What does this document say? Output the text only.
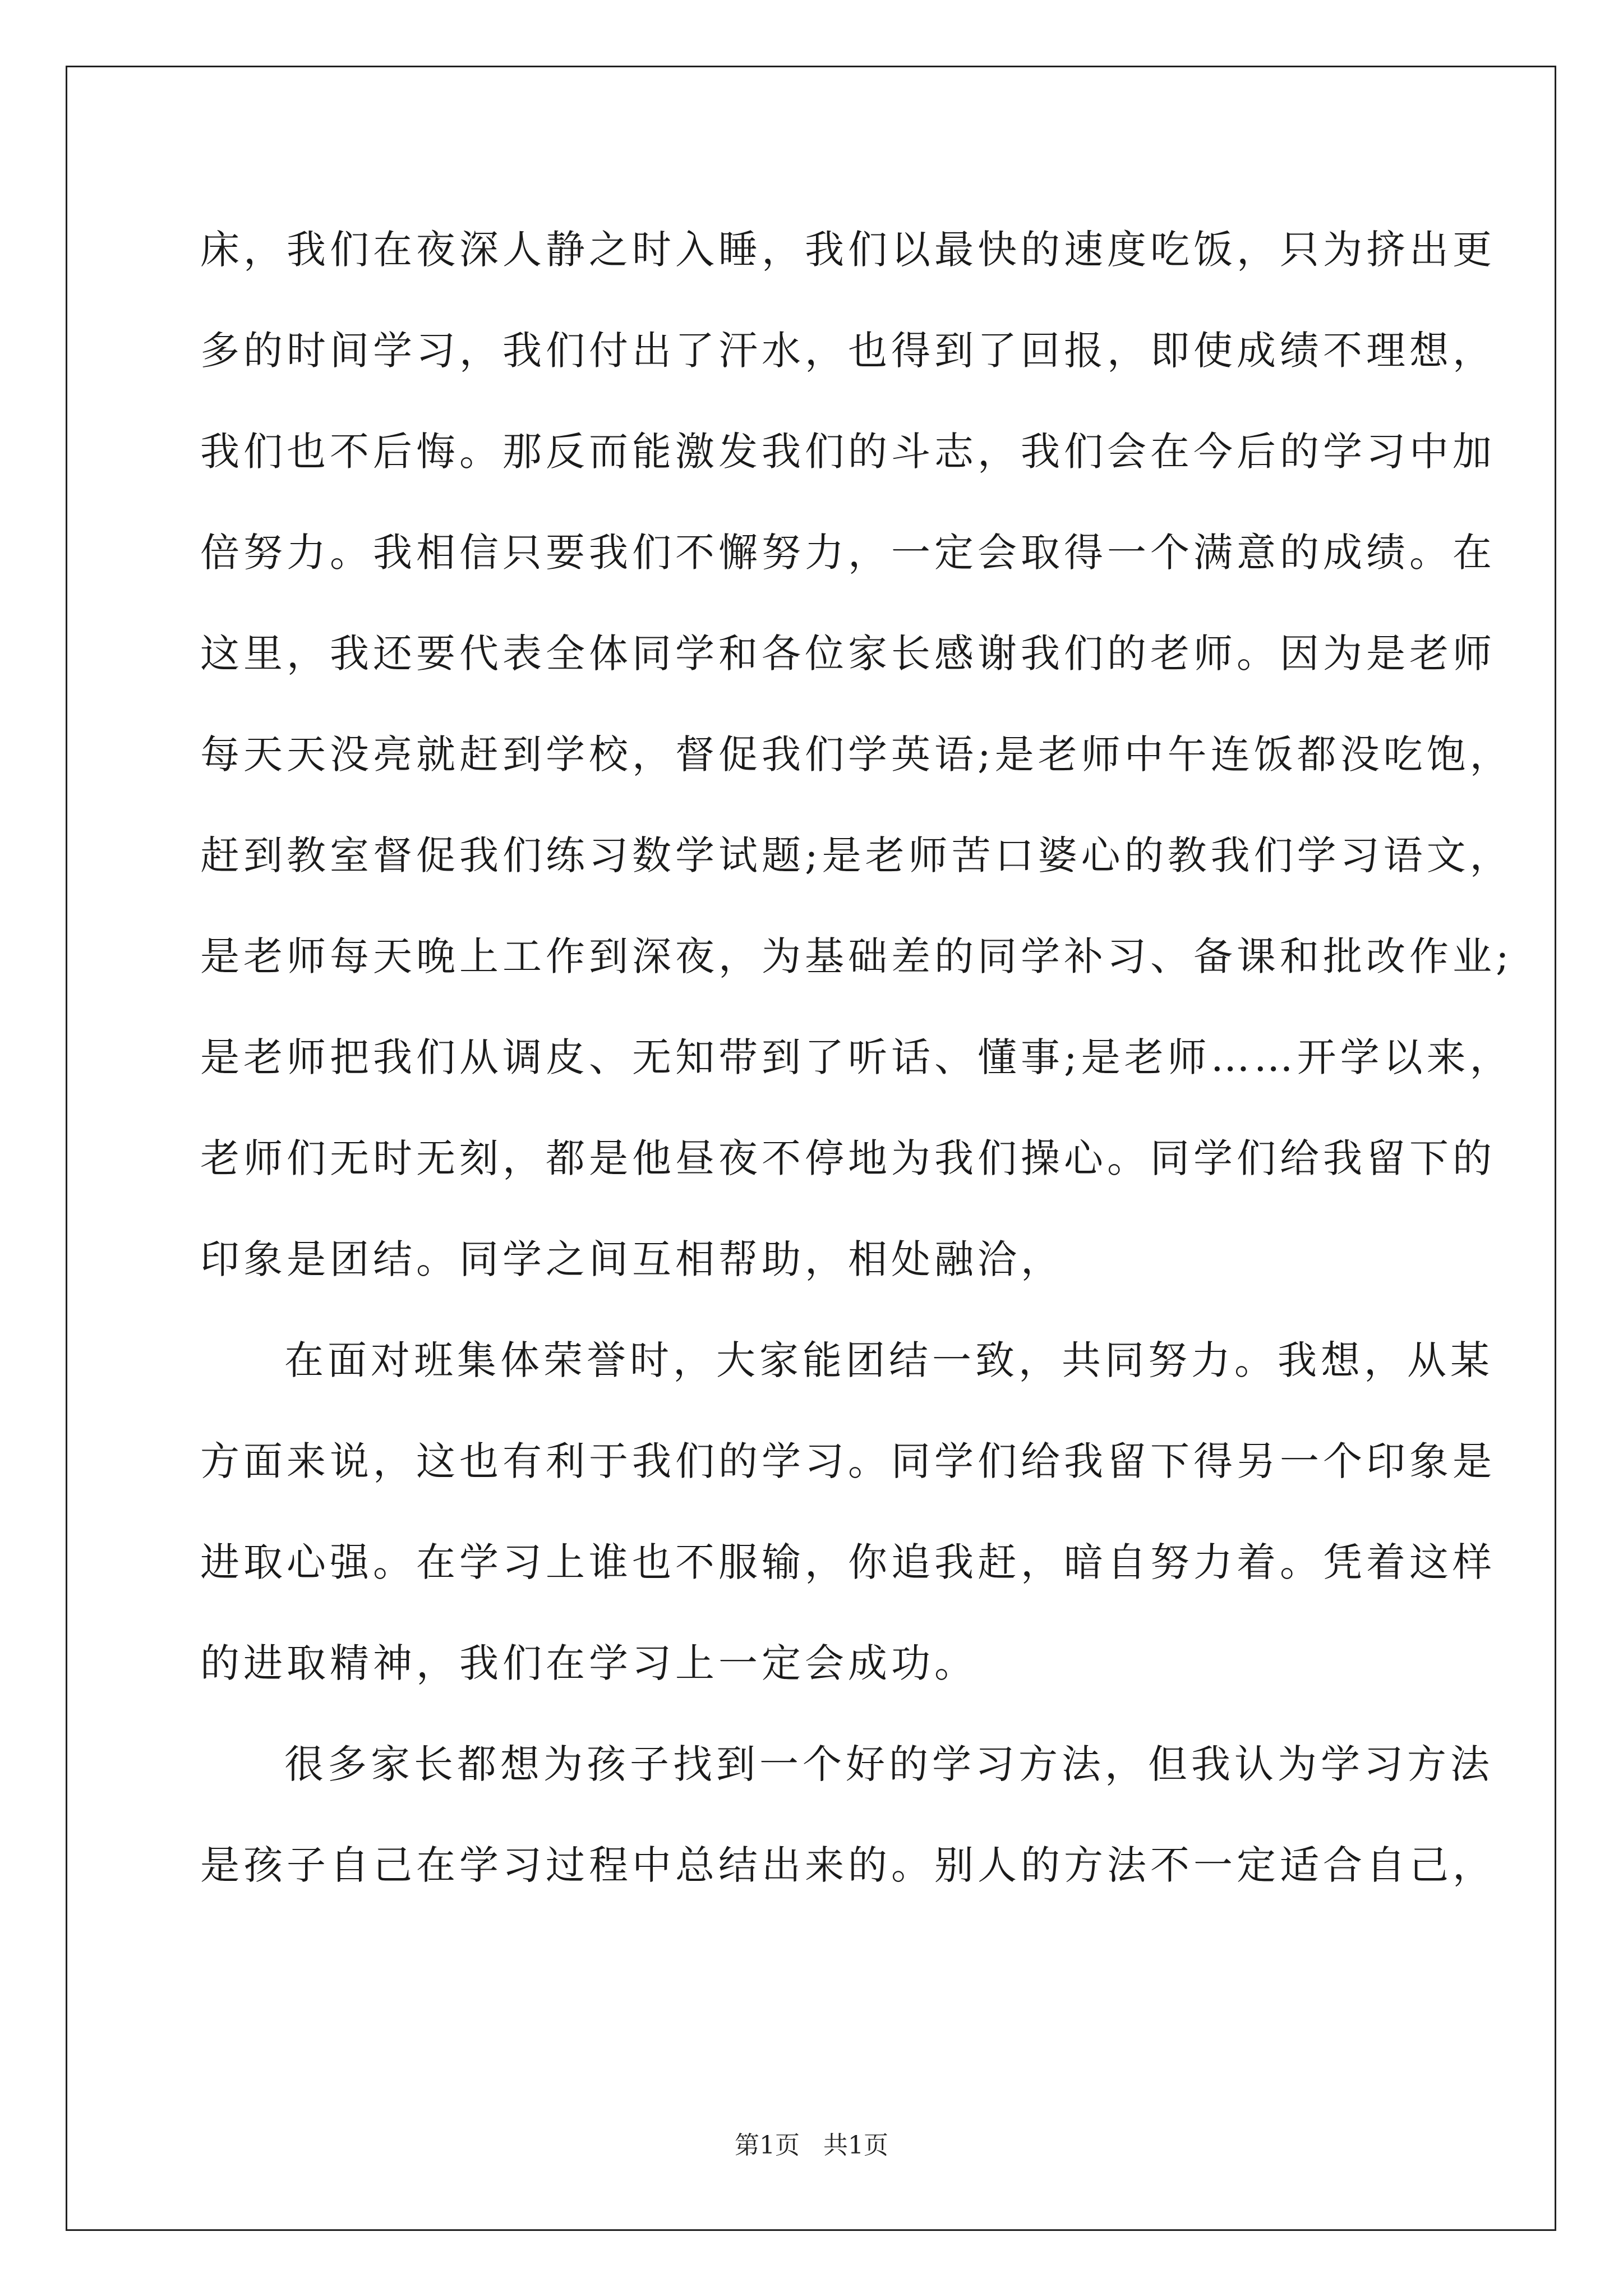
床，我们在夜深人静之时入睡，我们以最快的速度吃饭，只为挤出更
多的时间学习，我们付出了汗水，也得到了回报，即使成绩不理想，
我们也不后悔。那反而能激发我们的斗志，我们会在今后的学习中加
倍努力。我相信只要我们不懈努力，一定会取得一个满意的成绩。在
这里，我还要代表全体同学和各位家长感谢我们的老师。因为是老师
每天天没亮就赶到学校，督促我们学英语;是老师中午连饭都没吃饱，
赶到教室督促我们练习数学试题;是老师苦口婆心的教我们学习语文，
是老师每天晚上工作到深夜，为基础差的同学补习、备课和批改作业;
是老师把我们从调皮、无知带到了听话、懂事;是老师……开学以来，
老师们无时无刻，都是他昼夜不停地为我们操心。同学们给我留下的
印象是团结。同学之间互相帮助，相处融洽，
在面对班集体荣誉时，大家能团结一致，共同努力。我想，从某
方面来说，这也有利于我们的学习。同学们给我留下得另一个印象是
进取心强。在学习上谁也不服输，你追我赶，暗自努力着。凭着这样
的进取精神，我们在学习上一定会成功。
很多家长都想为孩子找到一个好的学习方法，但我认为学习方法
是孩子自己在学习过程中总结出来的。别人的方法不一定适合自己，
第1页 共1页
